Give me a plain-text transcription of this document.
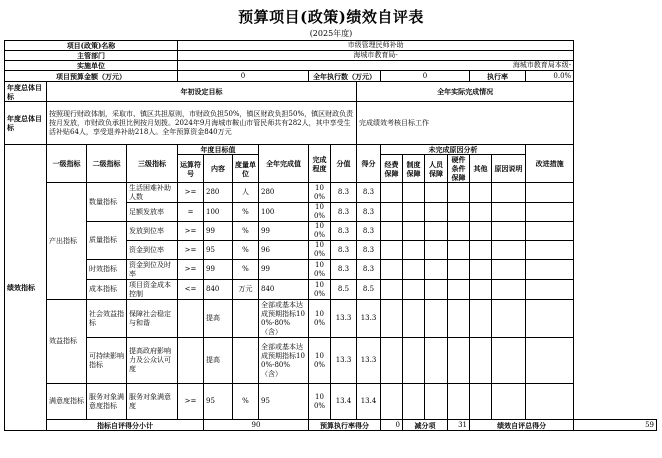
预算项目(政策)绩效自评表
(2025年度)
项目(政策)名称				市级管理民师补助														
主管部门				海城市教育局-														
实施单位				海城市教育局本级-														
项目预算金额（万元）				0				全年执行数（万元）			0				执行率		0.0%	
年度总体目标	年初设定目标									全年实际完成情况								
年度总体目标	按照现行财政体制，采取市、镇区共担原则，市财政负担50%，镇区财政负担50%，镇区财政负责按月发放，市财政负承担比例按月划拨。2024年9月海城市鞍山市管民师共有282人，其中享受生活补贴64人，享受退养补助218人。全年预算资金840万元									完成绩效考核目标工作								
绩效指标	一级指标	二级指标	三级指标	年度目标值			全年完成值	完成程度	分值	得分	未完成原因分析						改进措施	
				运算符号	内容	度量单位					经费保障	制度保障	人员保障	硬件条件保障	其他	原因说明		
	产出指标	数量指标	生活困难补助人数	>=	280	人	280	100%	8.3	8.3								
			足额发放率	=	100	%	100	100%	8.3	8.3								
		质量指标	发放到位率	>=	99	%	99	100%	8.3	8.3								
			资金到位率	>=	95	%	96	100%	8.3	8.3								
		时效指标	资金到位及时率	>=	99	%	99	100%	8.3	8.3								
		成本指标	项目资金成本控制	<=	840	万元	840	100%	8.5	8.5								
	效益指标	社会效益指标	保障社会稳定与和谐		提高		全部或基本达成预期指标100%-80%（含）	100%	13.3	13.3								
		可持续影响指标	提高政府影响力及公众认可度		提高		全部或基本达成预期指标100%-80%（含）	100%	13.3	13.3								
	满意度指标	服务对象满意度指标	服务对象满意度	>=	95	%	95	100%	13.4	13.4								
	指标自评得分小计				90			预算执行率得分			0	减分项		31	绩效自评总得分			59
